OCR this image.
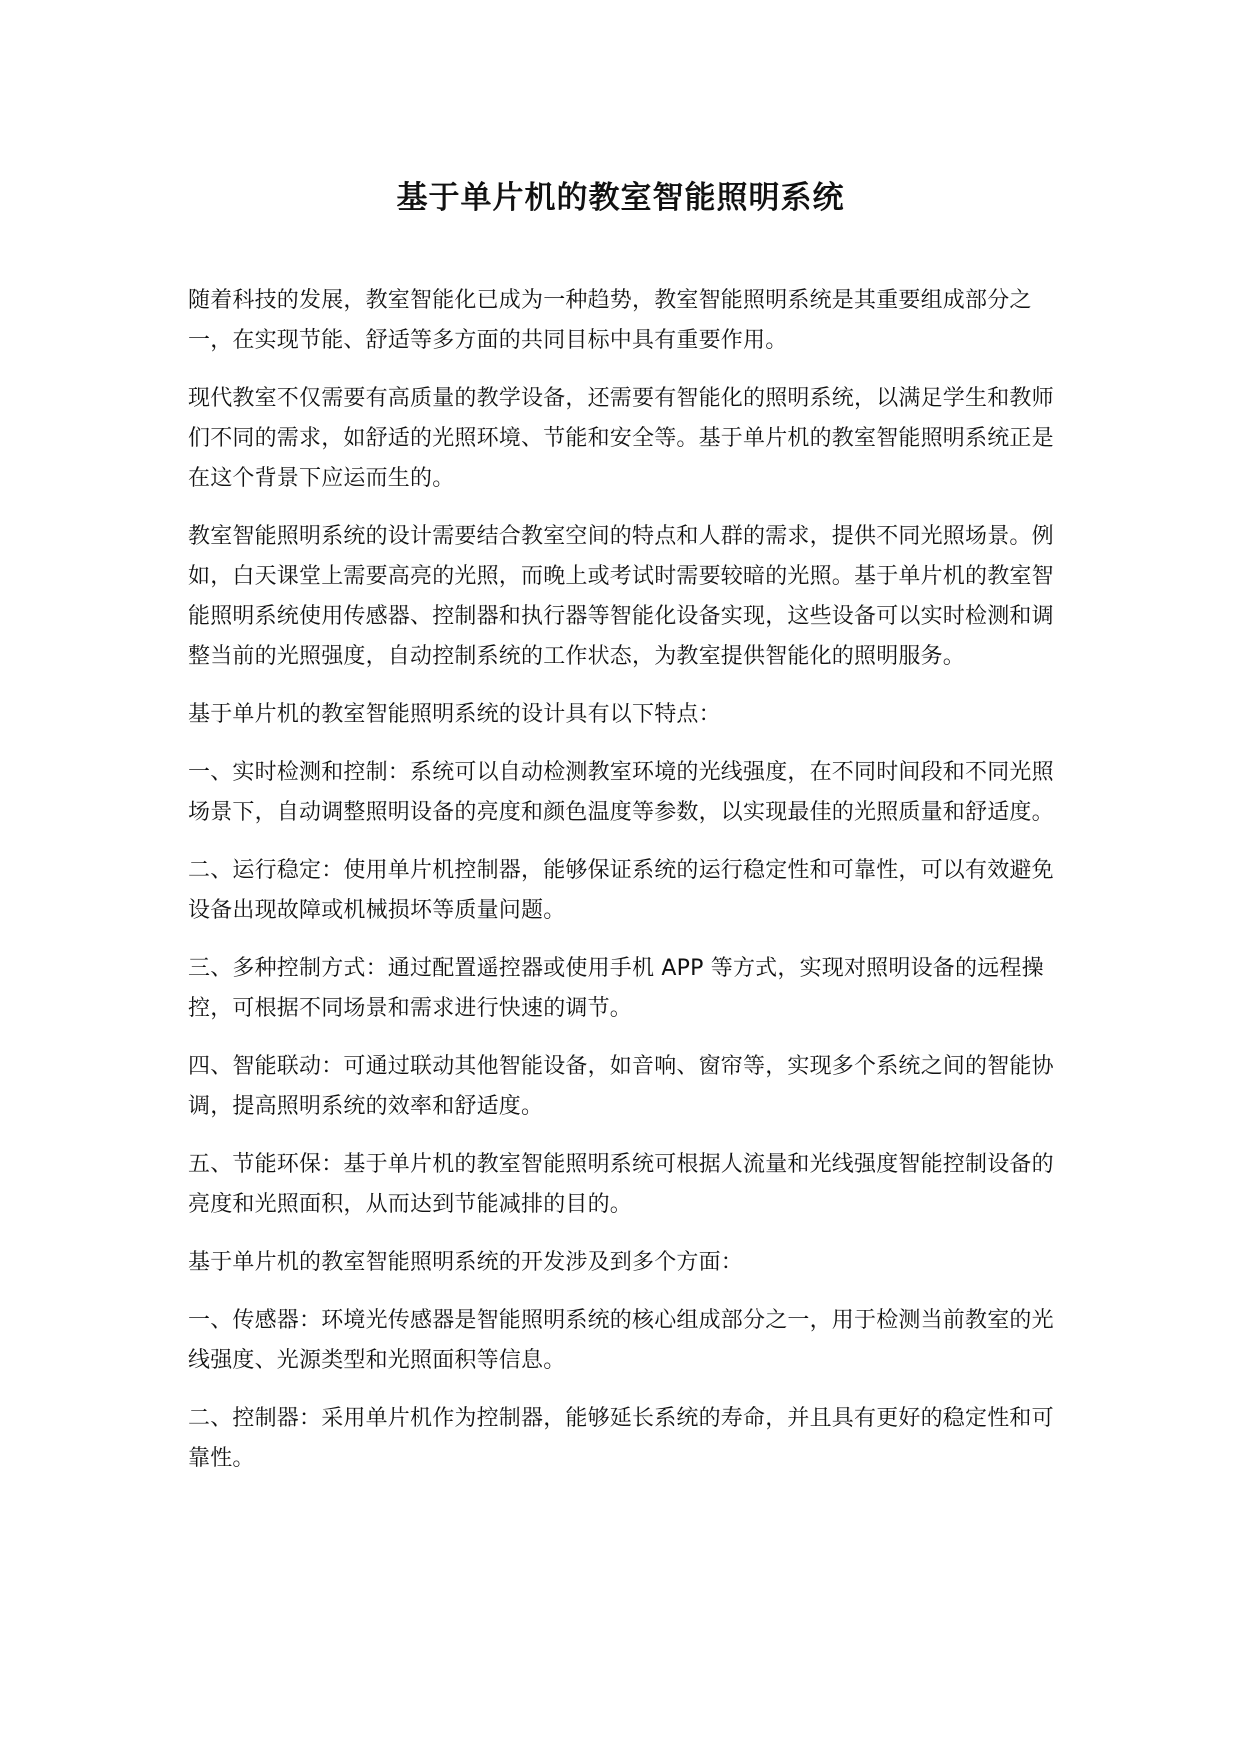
基于单片机的教室智能照明系统

随着科技的发展，教室智能化已成为一种趋势，教室智能照明系统是其重要组成部分之一，在实现节能、舒适等多方面的共同目标中具有重要作用。

现代教室不仅需要有高质量的教学设备，还需要有智能化的照明系统，以满足学生和教师们不同的需求，如舒适的光照环境、节能和安全等。基于单片机的教室智能照明系统正是在这个背景下应运而生的。

教室智能照明系统的设计需要结合教室空间的特点和人群的需求，提供不同光照场景。例如，白天课堂上需要高亮的光照，而晚上或考试时需要较暗的光照。基于单片机的教室智能照明系统使用传感器、控制器和执行器等智能化设备实现，这些设备可以实时检测和调整当前的光照强度，自动控制系统的工作状态，为教室提供智能化的照明服务。

基于单片机的教室智能照明系统的设计具有以下特点：

一、实时检测和控制：系统可以自动检测教室环境的光线强度，在不同时间段和不同光照场景下，自动调整照明设备的亮度和颜色温度等参数，以实现最佳的光照质量和舒适度。

二、运行稳定：使用单片机控制器，能够保证系统的运行稳定性和可靠性，可以有效避免设备出现故障或机械损坏等质量问题。

三、多种控制方式：通过配置遥控器或使用手机 APP 等方式，实现对照明设备的远程操控，可根据不同场景和需求进行快速的调节。

四、智能联动：可通过联动其他智能设备，如音响、窗帘等，实现多个系统之间的智能协调，提高照明系统的效率和舒适度。

五、节能环保：基于单片机的教室智能照明系统可根据人流量和光线强度智能控制设备的亮度和光照面积，从而达到节能减排的目的。

基于单片机的教室智能照明系统的开发涉及到多个方面：

一、传感器：环境光传感器是智能照明系统的核心组成部分之一，用于检测当前教室的光线强度、光源类型和光照面积等信息。

二、控制器：采用单片机作为控制器，能够延长系统的寿命，并且具有更好的稳定性和可靠性。
